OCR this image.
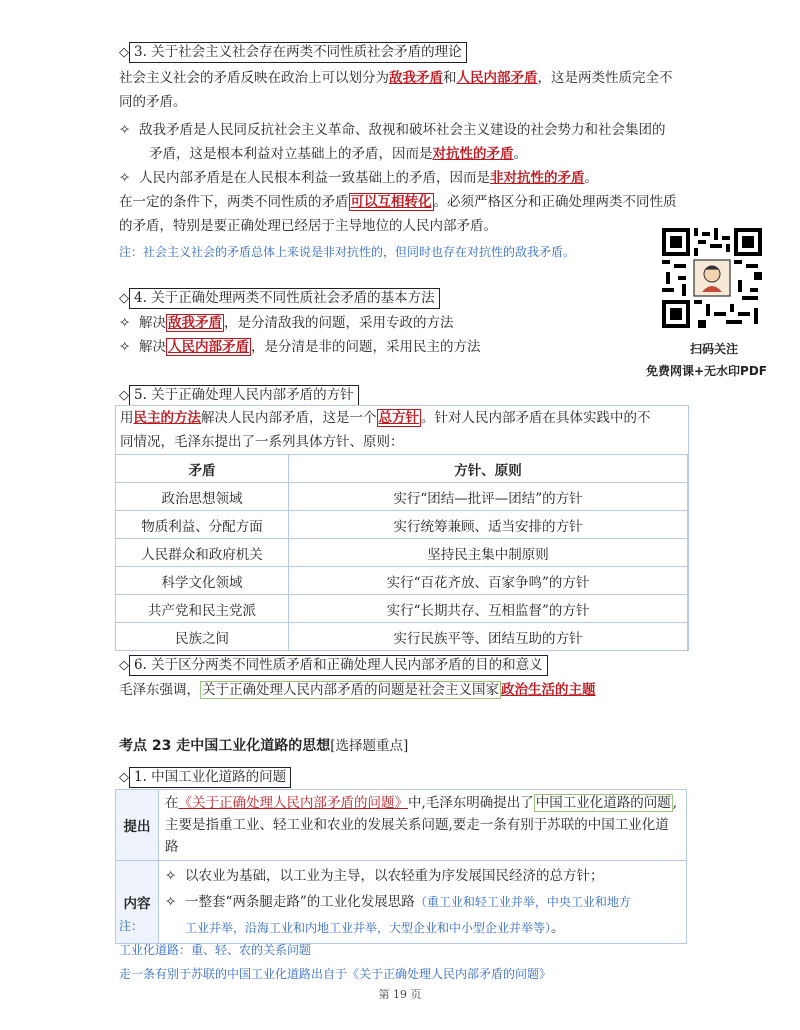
◇ 3. 关于社会主义社会存在两类不同性质社会矛盾的理论

社会主义社会的矛盾反映在政治上可以划分为敌我矛盾和人民内部矛盾，这是两类性质完全不

同的矛盾。

✧ 敌我矛盾是人民同反抗社会主义革命、敌视和破坏社会主义建设的社会势力和社会集团的

矛盾，这是根本利益对立基础上的矛盾，因而是对抗性的矛盾。

✧ 人民内部矛盾是在人民根本利益一致基础上的矛盾，因而是非对抗性的矛盾。

在一定的条件下，两类不同性质的矛盾 可以互相转化 。必须严格区分和正确处理两类不同性质

的矛盾，特别是要正确处理已经居于主导地位的人民内部矛盾。

注：社会主义社会的矛盾总体上来说是非对抗性的，但同时也存在对抗性的敌我矛盾。

扫码关注
免费网课+无水印PDF
◇ 4. 关于正确处理两类不同性质社会矛盾的基本方法

✧ 解决 敌我矛盾 ，是分清敌我的问题，采用专政的方法

✧ 解决 人民内部矛盾 ，是分清是非的问题，采用民主的方法

◇ 5. 关于正确处理人民内部矛盾的方针

用民主的方法解决人民内部矛盾，这是一个 总方针 。针对人民内部矛盾在具体实践中的不

同情况，毛泽东提出了一系列具体方针、原则：

矛盾	方针、原则
政治思想领域	实行“团结—批评—团结”的方针
物质利益、分配方面	实行统筹兼顾、适当安排的方针
人民群众和政府机关	坚持民主集中制原则
科学文化领域	实行“百花齐放、百家争鸣”的方针
共产党和民主党派	实行“长期共存、互相监督”的方针
民族之间	实行民族平等、团结互助的方针
◇ 6. 关于区分两类不同性质矛盾和正确处理人民内部矛盾的目的和意义

毛泽东强调， 关于正确处理人民内部矛盾的问题是社会主义国家 政治生活的主题

考点 23 走中国工业化道路的思想[选择题重点]
◇ 1. 中国工业化道路的问题
提出	在《关于正确处理人民内部矛盾的问题》中,毛泽东明确提出了 中国工业化道路的问题 ,
主要是指重工业、轻工业和农业的发展关系问题,要走一条有别于苏联的中国工业化道路
内容	✧ 以农业为基础，以工业为主导，以农轻重为序发展国民经济的总方针；
✧ 一整套“两条腿走路”的工业化发展思路（重工业和轻工业并举，中央工业和地方
工业并举，沿海工业和内地工业并举，大型企业和中小型企业并举等）。
注：
工业化道路：重、轻、农的关系问题
走一条有别于苏联的中国工业化道路出自于《关于正确处理人民内部矛盾的问题》
第 19 页
